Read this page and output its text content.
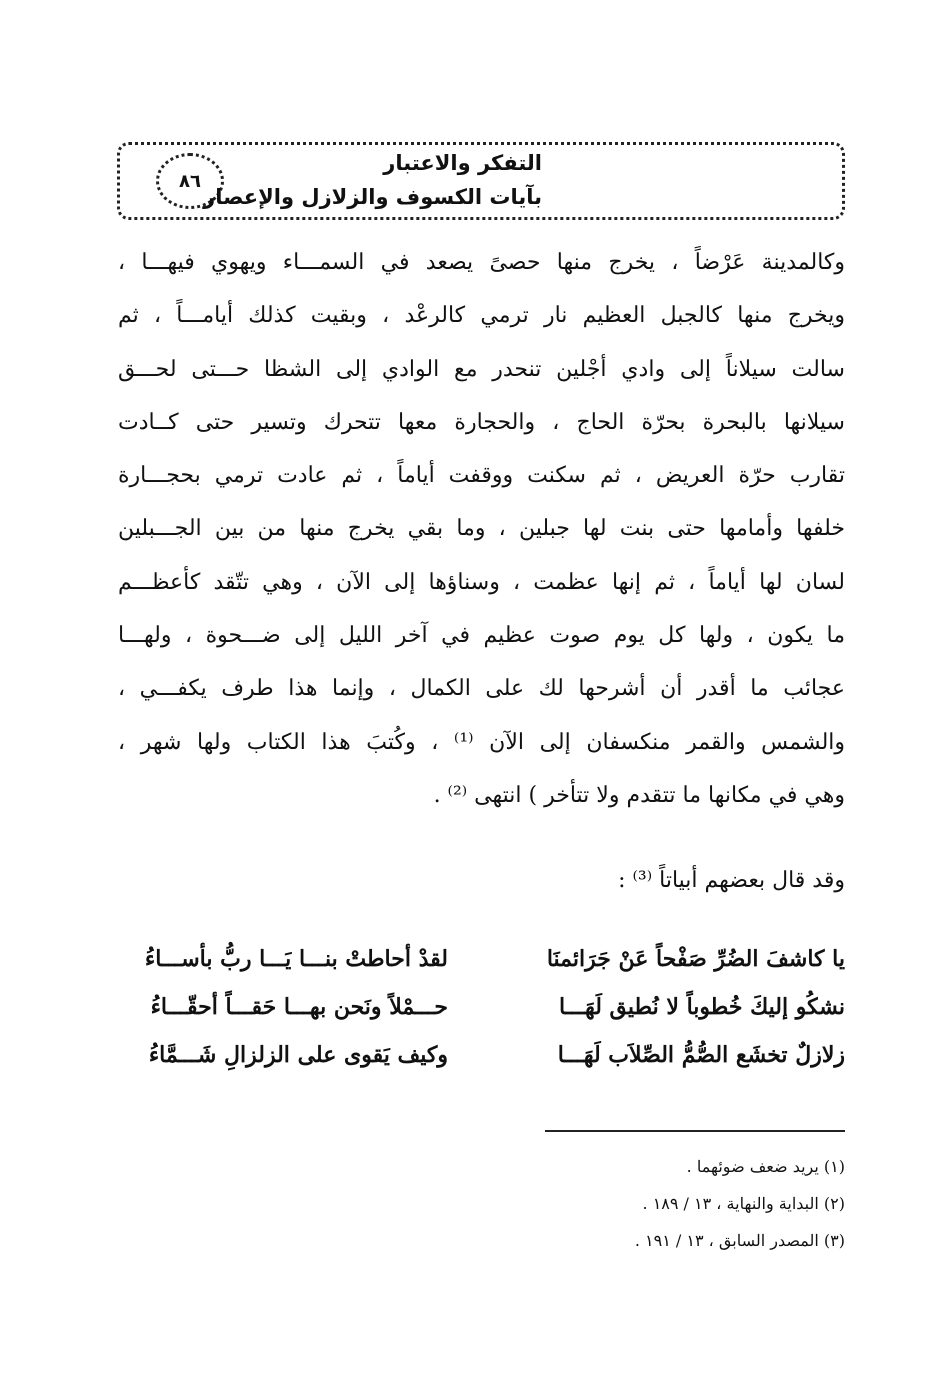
٨٦
التفكر والاعتبار
بآيات الكسوف والزلازل والإعصار
وكالمدينة عَرْضاً ، يخرج منها حصىً يصعد في السمـــاء ويهوي فيهـــا ،
ويخرج منها كالجبل العظيم نار ترمي كالرعْد ، وبقيت كذلك أيامـــاً ، ثم
سالت سيلاناً إلى وادي أجْلين تنحدر مع الوادي إلى الشظا حـــتى لحـــق
سيلانها بالبحرة بحرّة الحاج ، والحجارة معها تتحرك وتسير حتى كــادت
تقارب حرّة العريض ، ثم سكنت ووقفت أياماً ، ثم عادت ترمي بحجـــارة
خلفها وأمامها حتى بنت لها جبلين ، وما بقي يخرج منها من بين الجـــبلين
لسان لها أياماً ، ثم إنها عظمت ، وسناؤها إلى الآن ، وهي تتّقد كأعظـــم
ما يكون ، ولها كل يوم صوت عظيم في آخر الليل إلى ضـــحوة ، ولهـــا
عجائب ما أقدر أن أشرحها لك على الكمال ، وإنما هذا طرف يكفـــي ،
والشمس والقمر منكسفان إلى الآن ⁽¹⁾ ، وكُتبَ هذا الكتاب ولها شهر ،
وهي في مكانها ما تتقدم ولا تتأخر ) انتهى ⁽²⁾ .
وقد قال بعضهم أبياتاً ⁽³⁾ :
يا كاشفَ الضُرِّ صَفْحاً عَنْ جَرَائمنَا
لقدْ أحاطتْ بنـــا يَـــا ربُّ بأســـاءُ
نشكُو إليكَ خُطوباً لا نُطيق لَهَـــا
حـــمْلاً ونَحن بهـــا حَقـــاً أحقّـــاءُ
زلازلٌ تخشَع الصُّمُّ الصِّلاَب لَهَـــا
وكيف يَقوى على الزلزالِ شَـــمَّاءُ
(١) يريد ضعف ضوئهما .
(٢) البداية والنهاية ، ١٣ / ١٨٩ .
(٣) المصدر السابق ، ١٣ / ١٩١ .
